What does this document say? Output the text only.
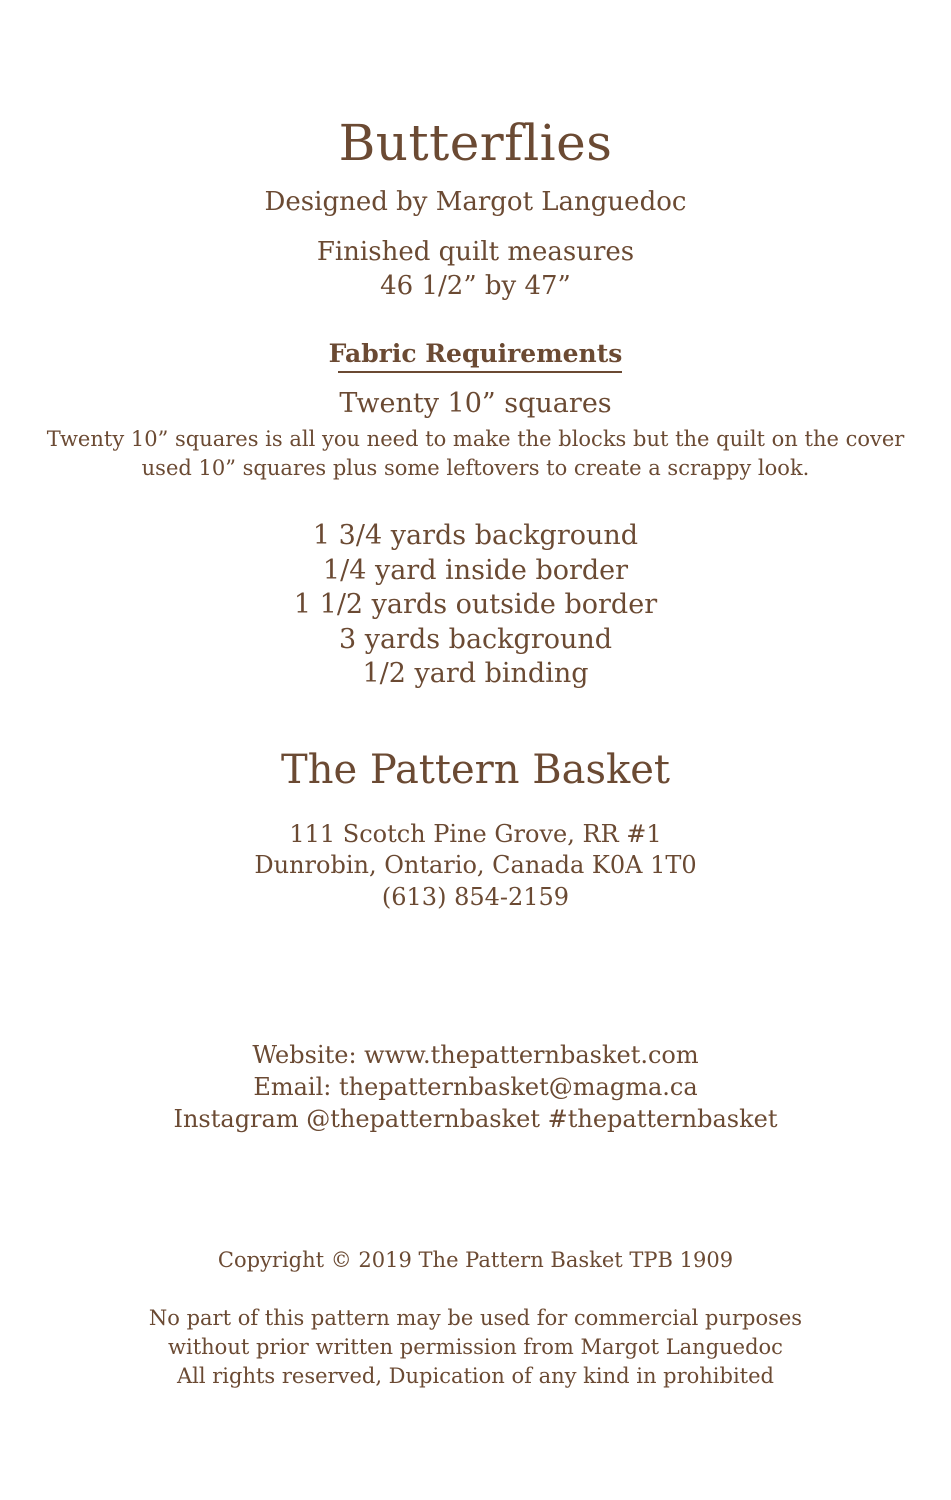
Butterflies
Designed by Margot Languedoc
Finished quilt measures
46 1/2” by 47”
Fabric Requirements
Twenty 10” squares
Twenty 10” squares is all you need to make the blocks but the quilt on the cover
used 10” squares plus some leftovers to create a scrappy look.
1 3/4 yards background
1/4 yard inside border
1 1/2 yards outside border
3 yards background
1/2 yard binding
The Pattern Basket
111 Scotch Pine Grove, RR #1
Dunrobin, Ontario, Canada K0A 1T0
(613) 854-2159
Website: www.thepatternbasket.com
Email: thepatternbasket@magma.ca
Instagram @thepatternbasket #thepatternbasket
Copyright © 2019 The Pattern Basket TPB 1909
No part of this pattern may be used for commercial purposes
without prior written permission from Margot Languedoc
All rights reserved, Dupication of any kind in prohibited
